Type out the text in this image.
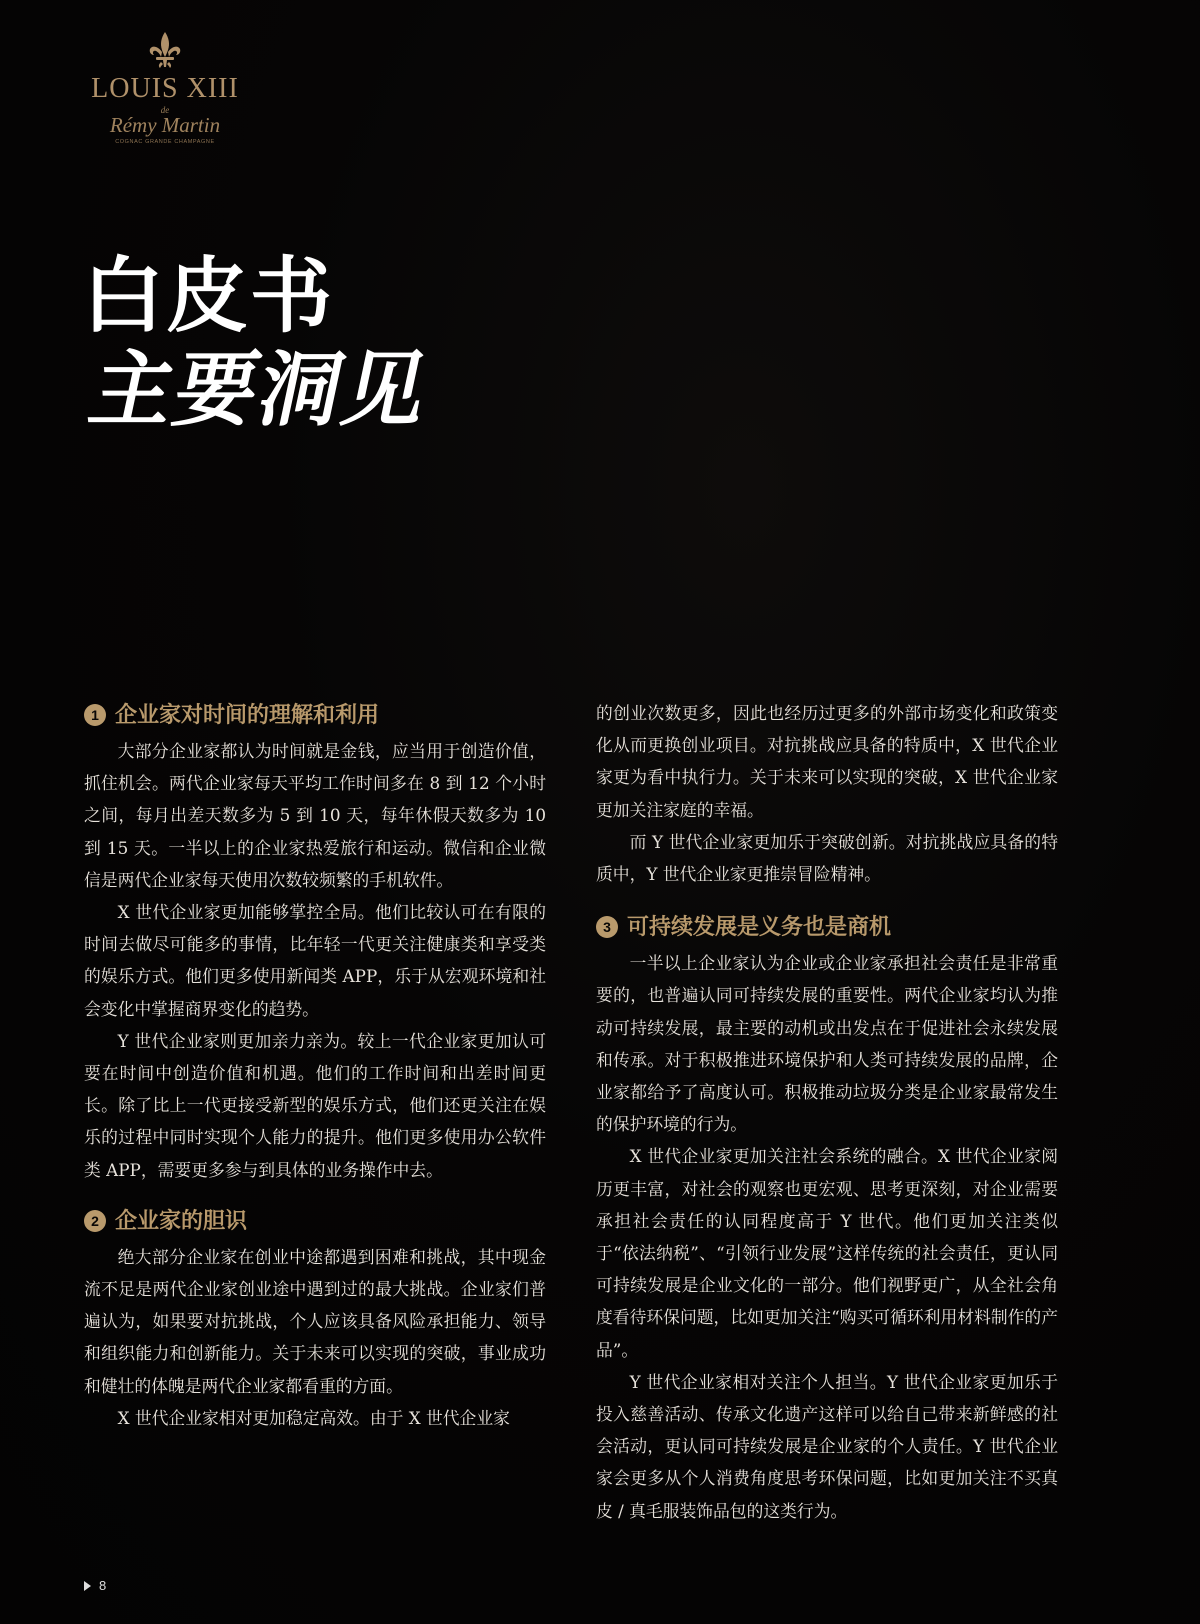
LOUIS XIII
de
Rémy Martin
COGNAC GRANDE CHAMPAGNE
白皮书
主要洞见
1 企业家对时间的理解和利用

大部分企业家都认为时间就是金钱，应当用于创造价值，抓住机会。两代企业家每天平均工作时间多在 8 到 12 个小时之间，每月出差天数多为 5 到 10 天，每年休假天数多为 10 到 15 天。一半以上的企业家热爱旅行和运动。微信和企业微信是两代企业家每天使用次数较频繁的手机软件。

X 世代企业家更加能够掌控全局。他们比较认可在有限的时间去做尽可能多的事情，比年轻一代更关注健康类和享受类的娱乐方式。他们更多使用新闻类 APP，乐于从宏观环境和社会变化中掌握商界变化的趋势。

Y 世代企业家则更加亲力亲为。较上一代企业家更加认可要在时间中创造价值和机遇。他们的工作时间和出差时间更长。除了比上一代更接受新型的娱乐方式，他们还更关注在娱乐的过程中同时实现个人能力的提升。他们更多使用办公软件类 APP，需要更多参与到具体的业务操作中去。

2 企业家的胆识

绝大部分企业家在创业中途都遇到困难和挑战，其中现金流不足是两代企业家创业途中遇到过的最大挑战。企业家们普遍认为，如果要对抗挑战，个人应该具备风险承担能力、领导和组织能力和创新能力。关于未来可以实现的突破，事业成功和健壮的体魄是两代企业家都看重的方面。

X 世代企业家相对更加稳定高效。由于 X 世代企业家

的创业次数更多，因此也经历过更多的外部市场变化和政策变化从而更换创业项目。对抗挑战应具备的特质中，X 世代企业家更为看中执行力。关于未来可以实现的突破，X 世代企业家更加关注家庭的幸福。

而 Y 世代企业家更加乐于突破创新。对抗挑战应具备的特质中，Y 世代企业家更推崇冒险精神。

3 可持续发展是义务也是商机

一半以上企业家认为企业或企业家承担社会责任是非常重要的，也普遍认同可持续发展的重要性。两代企业家均认为推动可持续发展，最主要的动机或出发点在于促进社会永续发展和传承。对于积极推进环境保护和人类可持续发展的品牌，企业家都给予了高度认可。积极推动垃圾分类是企业家最常发生的保护环境的行为。

X 世代企业家更加关注社会系统的融合。X 世代企业家阅历更丰富，对社会的观察也更宏观、思考更深刻，对企业需要承担社会责任的认同程度高于 Y 世代。他们更加关注类似于“依法纳税”、“引领行业发展”这样传统的社会责任，更认同可持续发展是企业文化的一部分。他们视野更广，从全社会角度看待环保问题，比如更加关注“购买可循环利用材料制作的产品”。

Y 世代企业家相对关注个人担当。Y 世代企业家更加乐于投入慈善活动、传承文化遗产这样可以给自己带来新鲜感的社会活动，更认同可持续发展是企业家的个人责任。Y 世代企业家会更多从个人消费角度思考环保问题，比如更加关注不买真皮 / 真毛服装饰品包的这类行为。

8
